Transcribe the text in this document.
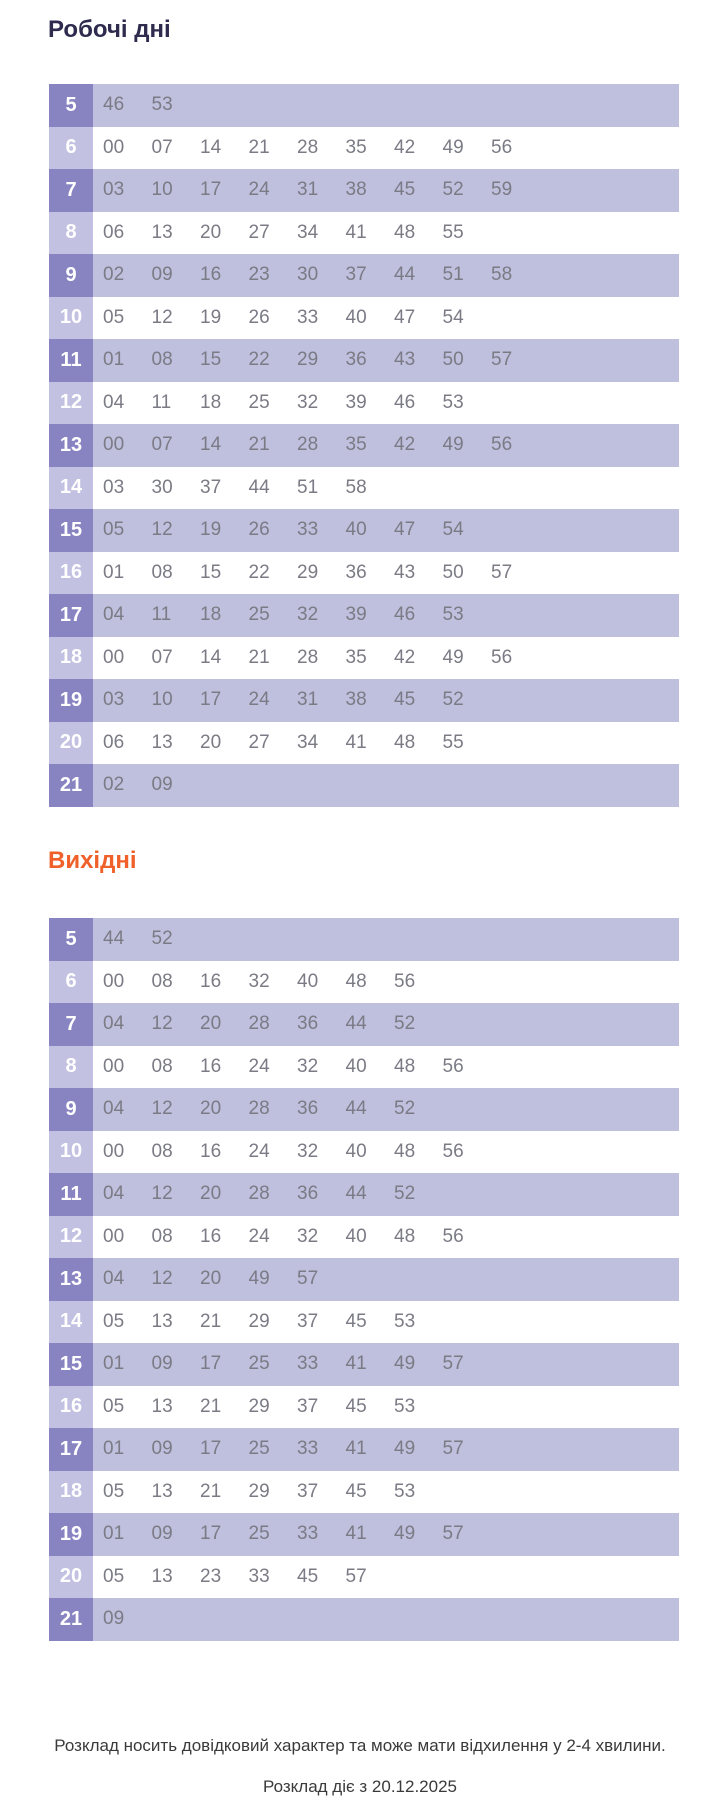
Робочі дні
5	46	53
6	00	07	14	21	28	35	42	49	56
7	03	10	17	24	31	38	45	52	59
8	06	13	20	27	34	41	48	55
9	02	09	16	23	30	37	44	51	58
10	05	12	19	26	33	40	47	54
11	01	08	15	22	29	36	43	50	57
12	04	11	18	25	32	39	46	53
13	00	07	14	21	28	35	42	49	56
14	03	30	37	44	51	58
15	05	12	19	26	33	40	47	54
16	01	08	15	22	29	36	43	50	57
17	04	11	18	25	32	39	46	53
18	00	07	14	21	28	35	42	49	56
19	03	10	17	24	31	38	45	52
20	06	13	20	27	34	41	48	55
21	02	09
Вихідні
5	44	52
6	00	08	16	32	40	48	56
7	04	12	20	28	36	44	52
8	00	08	16	24	32	40	48	56
9	04	12	20	28	36	44	52
10	00	08	16	24	32	40	48	56
11	04	12	20	28	36	44	52
12	00	08	16	24	32	40	48	56
13	04	12	20	49	57
14	05	13	21	29	37	45	53
15	01	09	17	25	33	41	49	57
16	05	13	21	29	37	45	53
17	01	09	17	25	33	41	49	57
18	05	13	21	29	37	45	53
19	01	09	17	25	33	41	49	57
20	05	13	23	33	45	57
21	09

Розклад носить довідковий характер та може мати відхилення у 2-4 хвилини.

Розклад діє з 20.12.2025
